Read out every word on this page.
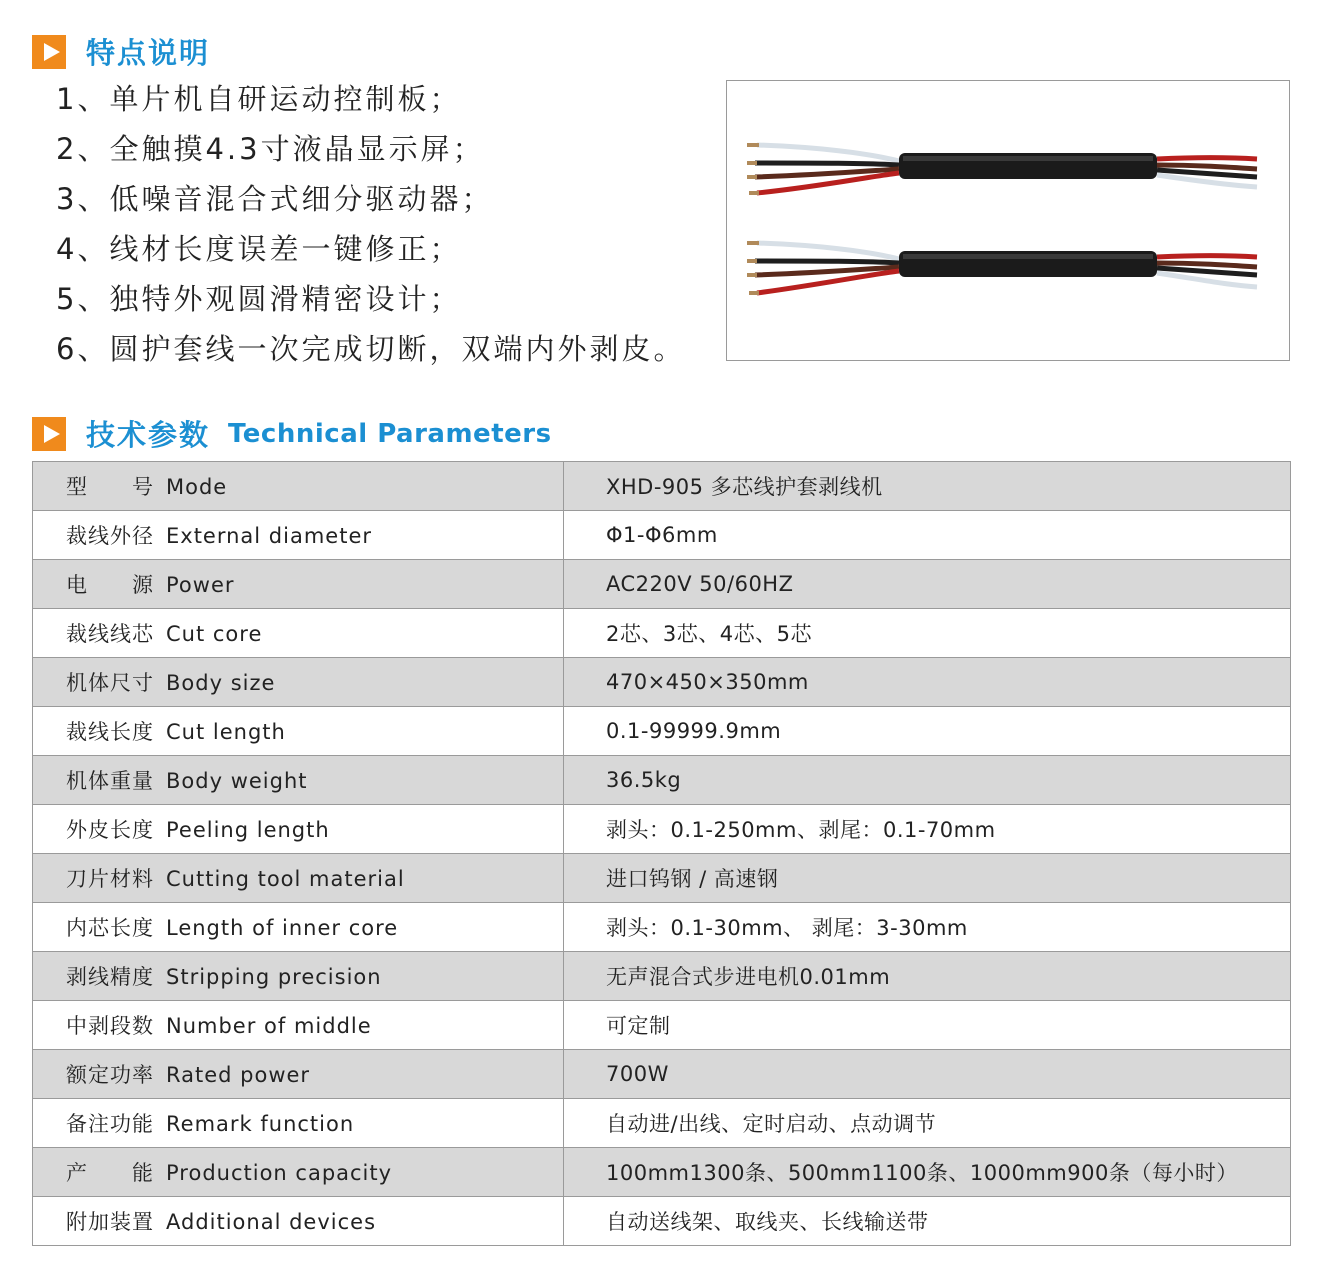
特点说明
1、单片机自研运动控制板；
2、全触摸4.3寸液晶显示屏；
3、低噪音混合式细分驱动器；
4、线材长度误差一键修正；
5、独特外观圆滑精密设计；
6、圆护套线一次完成切断，双端内外剥皮。
技术参数 Technical Parameters
型　　号 Mode	XHD-905 多芯线护套剥线机
裁线外径 External diameter	Φ1-Φ6mm
电　　源 Power	AC220V 50/60HZ
裁线线芯 Cut core	2芯、3芯、4芯、5芯
机体尺寸 Body size	470×450×350mm
裁线长度 Cut length	0.1-99999.9mm
机体重量 Body weight	36.5kg
外皮长度 Peeling length	剥头：0.1-250mm、剥尾：0.1-70mm
刀片材料 Cutting tool material	进口钨钢 / 高速钢
内芯长度 Length of inner core	剥头：0.1-30mm、 剥尾：3-30mm
剥线精度 Stripping precision	无声混合式步进电机0.01mm
中剥段数 Number of middle	可定制
额定功率 Rated power	700W
备注功能 Remark function	自动进/出线、定时启动、点动调节
产　　能 Production capacity	100mm1300条、500mm1100条、1000mm900条（每小时）
附加装置 Additional devices	自动送线架、取线夹、长线输送带
